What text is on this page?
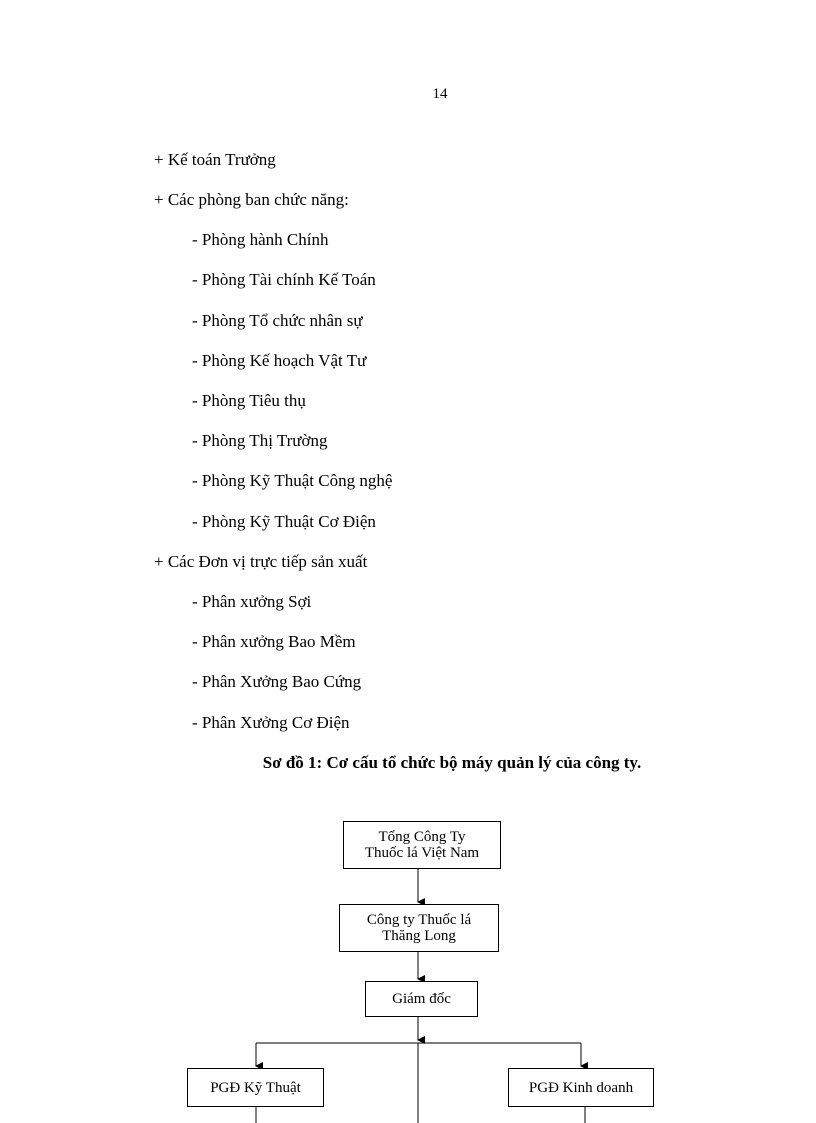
14
+ Kế toán Trưởng
+ Các phòng ban chức năng:
- Phòng hành Chính
- Phòng Tài chính Kế Toán
- Phòng Tổ chức nhân sự
- Phòng Kế hoạch Vật Tư
- Phòng Tiêu thụ
- Phòng Thị Trường
- Phòng Kỹ Thuật Công nghệ
- Phòng Kỹ Thuật Cơ Điện
+ Các Đơn vị trực tiếp sản xuất
- Phân xưởng Sợi
- Phân xưởng Bao Mềm
- Phân Xưởng Bao Cứng
- Phân Xưởng Cơ Điện
Sơ đồ 1: Cơ cấu tổ chức bộ máy quản lý của công ty.
Tổng Công Ty
Thuốc lá Việt Nam
Công ty Thuốc lá
Thăng Long
Giám đốc
PGĐ Kỹ Thuật	PGĐ Kinh doanh
